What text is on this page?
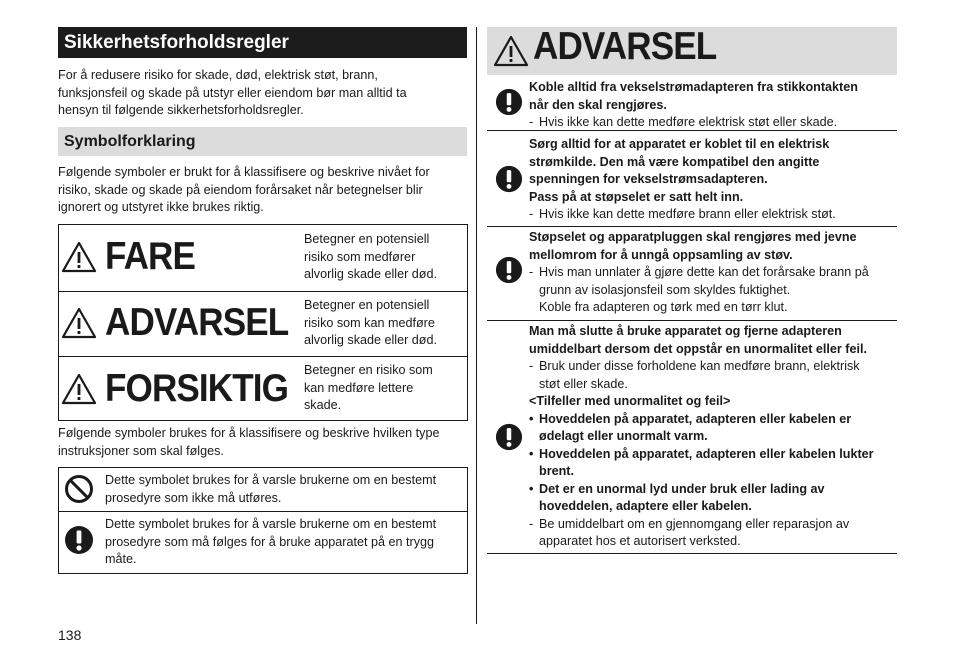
Sikkerhetsforholdsregler

For å redusere risiko for skade, død, elektrisk støt, brann,

funksjonsfeil og skade på utstyr eller eiendom bør man alltid ta

hensyn til følgende sikkerhetsforholdsregler.

Symbolforklaring

Følgende symboler er brukt for å klassifisere og beskrive nivået for

risiko, skade og skade på eiendom forårsaket når betegnelser blir

ignorert og utstyret ikke brukes riktig.

FARE	Betegner en potensiell
risiko som medfører
alvorlig skade eller død.
ADVARSEL Betegner en potensiell
risiko som kan medføre
alvorlig skade eller død.
FORSIKTIG Betegner en risiko som
kan medføre lettere
skade.

Følgende symboler brukes for å klassifisere og beskrive hvilken type

instruksjoner som skal følges.

Dette symbolet brukes for å varsle brukerne om en bestemt
prosedyre som ikke må utføres.
Dette symbolet brukes for å varsle brukerne om en bestemt
prosedyre som må følges for å bruke apparatet på en trygg
måte.
ADVARSEL
Koble alltid fra vekselstrømadapteren fra stikkontakten
når den skal rengjøres.
- Hvis ikke kan dette medføre elektrisk støt eller skade.
Sørg alltid for at apparatet er koblet til en elektrisk
strømkilde. Den må være kompatibel den angitte
spenningen for vekselstrømsadapteren.
Pass på at støpselet er satt helt inn.
- Hvis ikke kan dette medføre brann eller elektrisk støt.
Støpselet og apparatpluggen skal rengjøres med jevne
mellomrom for å unngå oppsamling av støv.
- Hvis man unnlater å gjøre dette kan det forårsake brann på
grunn av isolasjonsfeil som skyldes fuktighet.
Koble fra adapteren og tørk med en tørr klut.
Man må slutte å bruke apparatet og fjerne adapteren
umiddelbart dersom det oppstår en unormalitet eller feil.
- Bruk under disse forholdene kan medføre brann, elektrisk
støt eller skade.
<Tilfeller med unormalitet og feil>
• Hoveddelen på apparatet, adapteren eller kabelen er
ødelagt eller unormalt varm.
• Hoveddelen på apparatet, adapteren eller kabelen lukter
brent.
• Det er en unormal lyd under bruk eller lading av
hoveddelen, adaptere eller kabelen.
- Be umiddelbart om en gjennomgang eller reparasjon av
apparatet hos et autorisert verksted.
138
